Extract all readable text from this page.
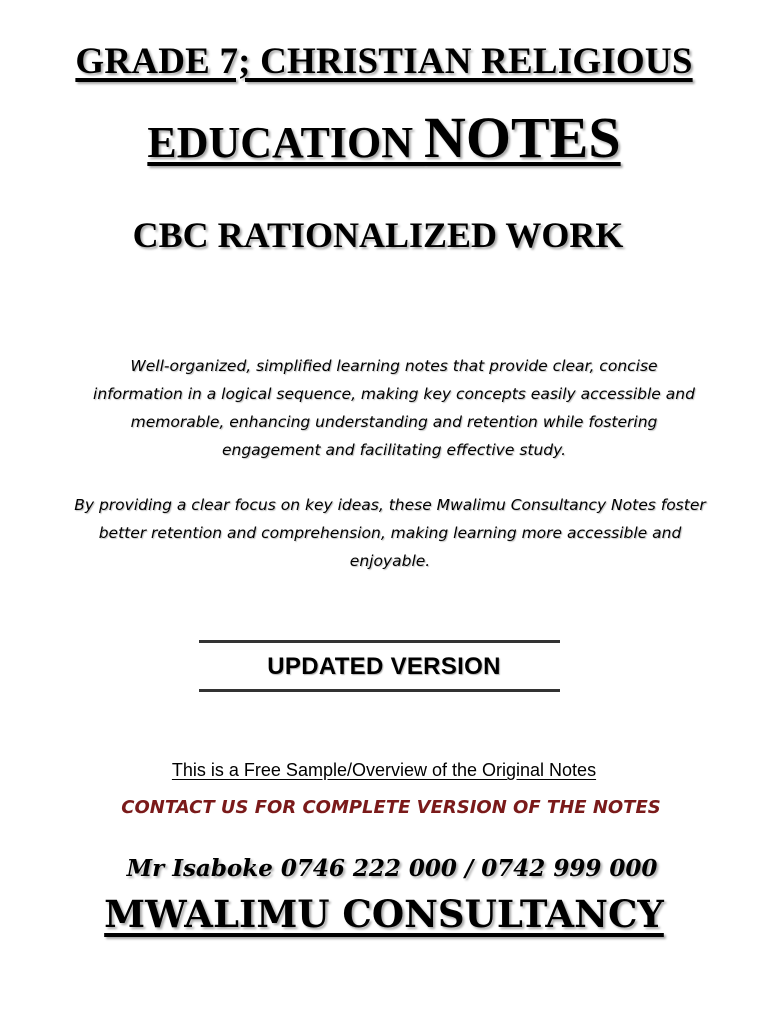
GRADE 7; CHRISTIAN RELIGIOUS
EDUCATION NOTES
CBC RATIONALIZED WORK
Well-organized, simplified learning notes that provide clear, concise information in a logical sequence, making key concepts easily accessible and memorable, enhancing understanding and retention while fostering engagement and facilitating effective study.
By providing a clear focus on key ideas, these Mwalimu Consultancy Notes foster better retention and comprehension, making learning more accessible and enjoyable.
UPDATED VERSION
This is a Free Sample/Overview of the Original Notes
CONTACT US FOR COMPLETE VERSION OF THE NOTES
Mr Isaboke 0746 222 000 / 0742 999 000
MWALIMU CONSULTANCY
